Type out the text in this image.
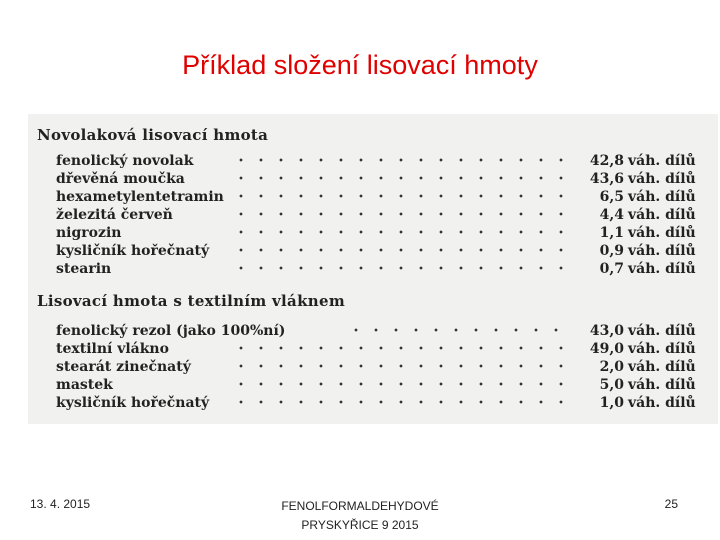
Příklad složení lisovací hmoty
Novolaková lisovací hmota
fenolický novolak	42,8 váh. dílů
dřevěná moučka	43,6 váh. dílů
hexametylentetramin	6,5 váh. dílů
železitá červeň	4,4 váh. dílů
nigrozin	1,1 váh. dílů
kysličník hořečnatý	0,9 váh. dílů
stearin	0,7 váh. dílů
Lisovací hmota s textilním vláknem
fenolický rezol (jako 100%ní)	43,0 váh. dílů
textilní vlákno	49,0 váh. dílů
stearát zinečnatý	2,0 váh. dílů
mastek	5,0 váh. dílů
kysličník hořečnatý	1,0 váh. dílů
13. 4. 2015	FENOLFORMALDEHYDOVÉ
PRYSKYŘICE 9 2015
25
